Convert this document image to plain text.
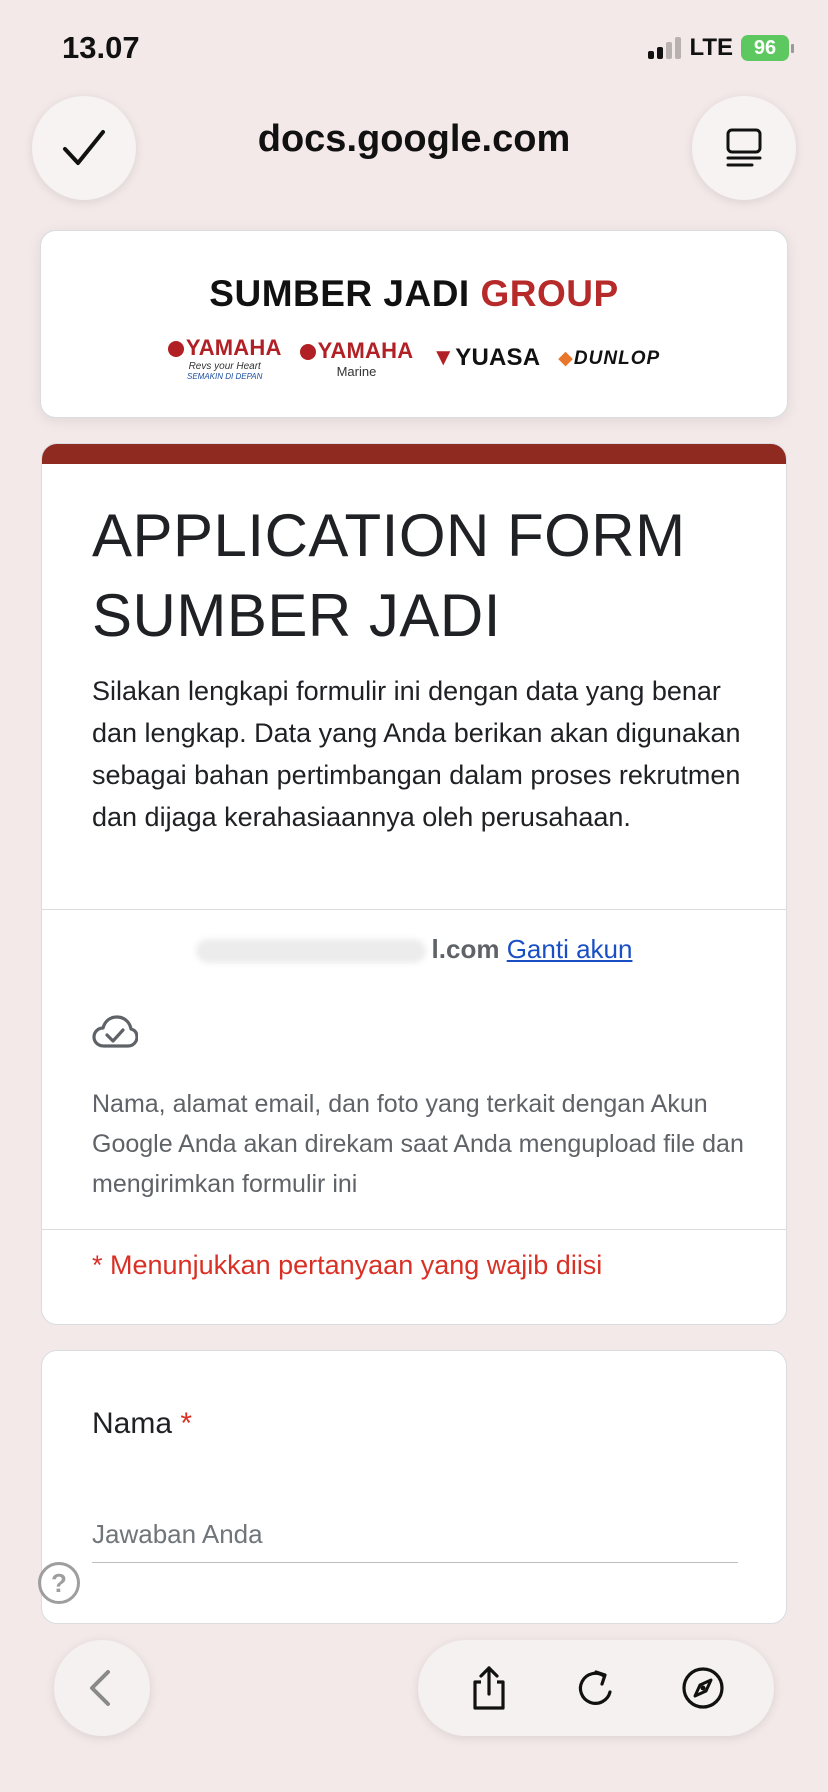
13.07	LTE	96
docs.google.com
SUMBER JADI GROUP
YAMAHA
Revs your Heart
SEMAKIN DI DEPAN
YAMAHA
Marine ▼YUASA ◆DUNLOP
APPLICATION FORM SUMBER JADI
Silakan lengkapi formulir ini dengan data yang benar dan lengkap. Data yang Anda berikan akan digunakan sebagai bahan pertimbangan dalam proses rekrutmen dan dijaga kerahasiaannya oleh perusahaan.
l.com Ganti akun
Nama, alamat email, dan foto yang terkait dengan Akun Google Anda akan direkam saat Anda mengupload file dan mengirimkan formulir ini
* Menunjukkan pertanyaan yang wajib diisi
Nama *
Jawaban Anda
?
